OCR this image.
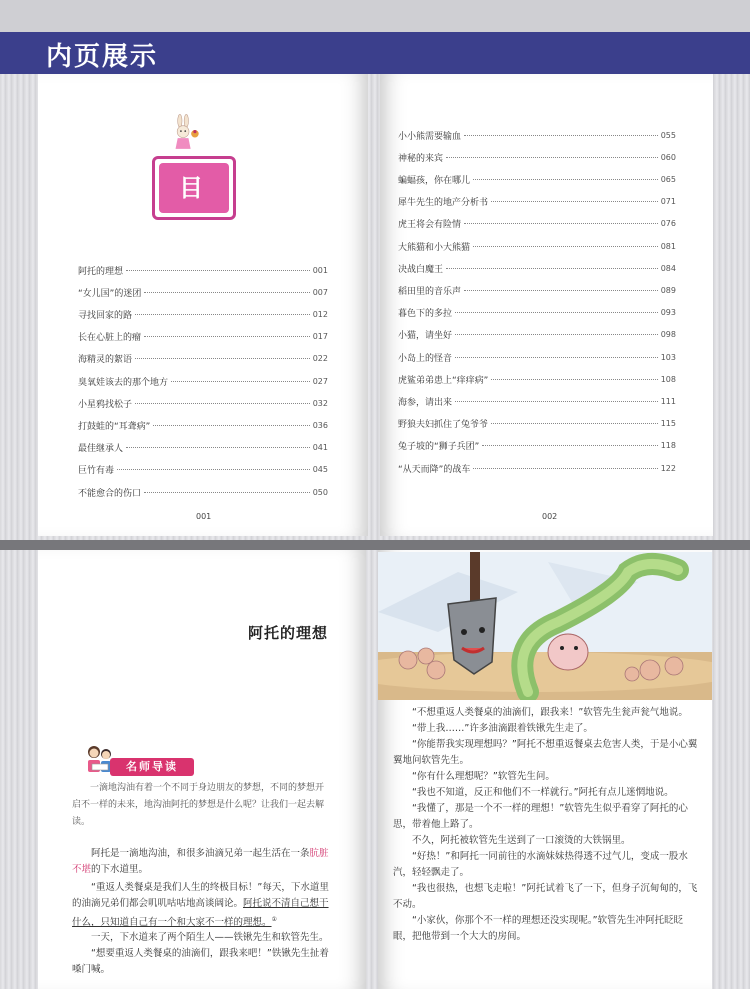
内页展示
目 录
阿托的理想	001
“女儿国”的迷团	007
寻找回家的路	012
长在心脏上的瘤	017
海精灵的絮语	022
臭氧娃该去的那个地方	027
小星鸦找松子	032
打鼓蛙的“耳聋病”	036
最佳继承人	041
巨竹有毒	045
不能愈合的伤口	050
小小熊需要输血	055
神秘的来宾	060
蝙蝠孩，你在哪儿	065
犀牛先生的地产分析书	071
虎王将会有险情	076
大熊猫和小大熊猫	081
决战白魔王	084
稻田里的音乐声	089
暮色下的多拉	093
小猫，请坐好	098
小岛上的怪音	103
虎鲨弟弟患上“痒痒病”	108
海参，请出来	111
野狼夫妇抓住了兔爷爷	115
兔子坡的“狮子兵团”	118
“从天而降”的战车	122
001	002
阿托的理想
名师导读
一滴地沟油有着一个不同于身边朋友的梦想，不同的梦想开启不一样的未来，地沟油阿托的梦想是什么呢？让我们一起去解读。
阿托是一滴地沟油，和很多油滴兄弟一起生活在一条肮脏不堪的下水道里。
“重返人类餐桌是我们人生的终极目标！”每天，下水道里的油滴兄弟们都会叽叽咕咕地高谈阔论。阿托说不清自己想干什么，只知道自己有一个和大家不一样的理想。①
一天，下水道来了两个陌生人——铁锹先生和软管先生。
“想要重返人类餐桌的油滴们，跟我来吧！”铁锹先生扯着嗓门喊。

“不想重返人类餐桌的油滴们，跟我来！”软管先生瓮声瓮气地说。

“带上我……”许多油滴跟着铁锹先生走了。

“你能帮我实现理想吗？”阿托不想重返餐桌去危害人类，于是小心翼翼地问软管先生。

“你有什么理想呢？”软管先生问。

“我也不知道，反正和他们不一样就行。”阿托有点儿迷惘地说。

“我懂了，那是一个不一样的理想！”软管先生似乎看穿了阿托的心思，带着他上路了。

不久，阿托被软管先生送到了一口滚烫的大铁锅里。

“好热！”和阿托一同前往的水滴妹妹热得透不过气儿，变成一股水汽，轻轻飘走了。

“我也很热，也想飞走啦！”阿托试着飞了一下，但身子沉甸甸的，飞不动。

“小家伙，你那个不一样的理想还没实现呢。”软管先生冲阿托眨眨眼，把他带到一个大大的房间。
